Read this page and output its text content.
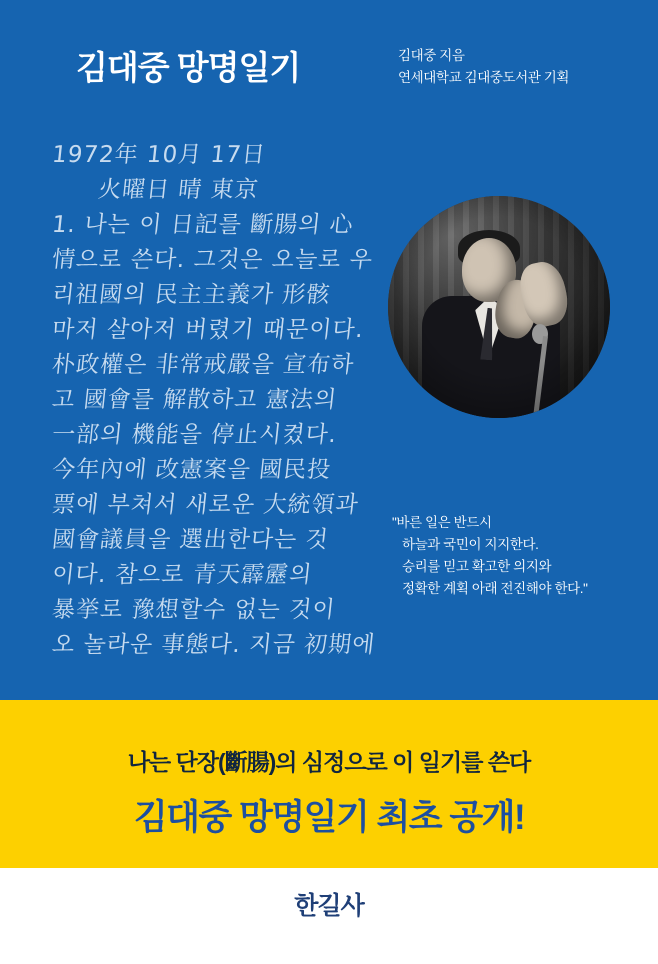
김대중 망명일기	김대중 지음
연세대학교 김대중도서관 기획
1972年 10月 17日
火曜日 晴 東京
1. 나는 이 日記를 斷腸의 心
情으로 쓴다. 그것은 오늘로 우
리祖國의 民主主義가 形骸
마저 살아저 버렸기 때문이다.
朴政權은 非常戒嚴을 宣布하
고 國會를 解散하고 憲法의
一部의 機能을 停止시켰다.
今年內에 改憲案을 國民投
票에 부쳐서 새로운 大統領과
國會議員을 選出한다는 것
이다. 참으로 青天霹靂의
暴挙로 豫想할수 없는 것이
오 놀라운 事態다. 지금 初期에
"바른 일은 반드시
하늘과 국민이 지지한다.
승리를 믿고 확고한 의지와
정확한 계획 아래 전진해야 한다."
나는 단장(斷腸)의 심정으로 이 일기를 쓴다
김대중 망명일기 최초 공개!
한길사
